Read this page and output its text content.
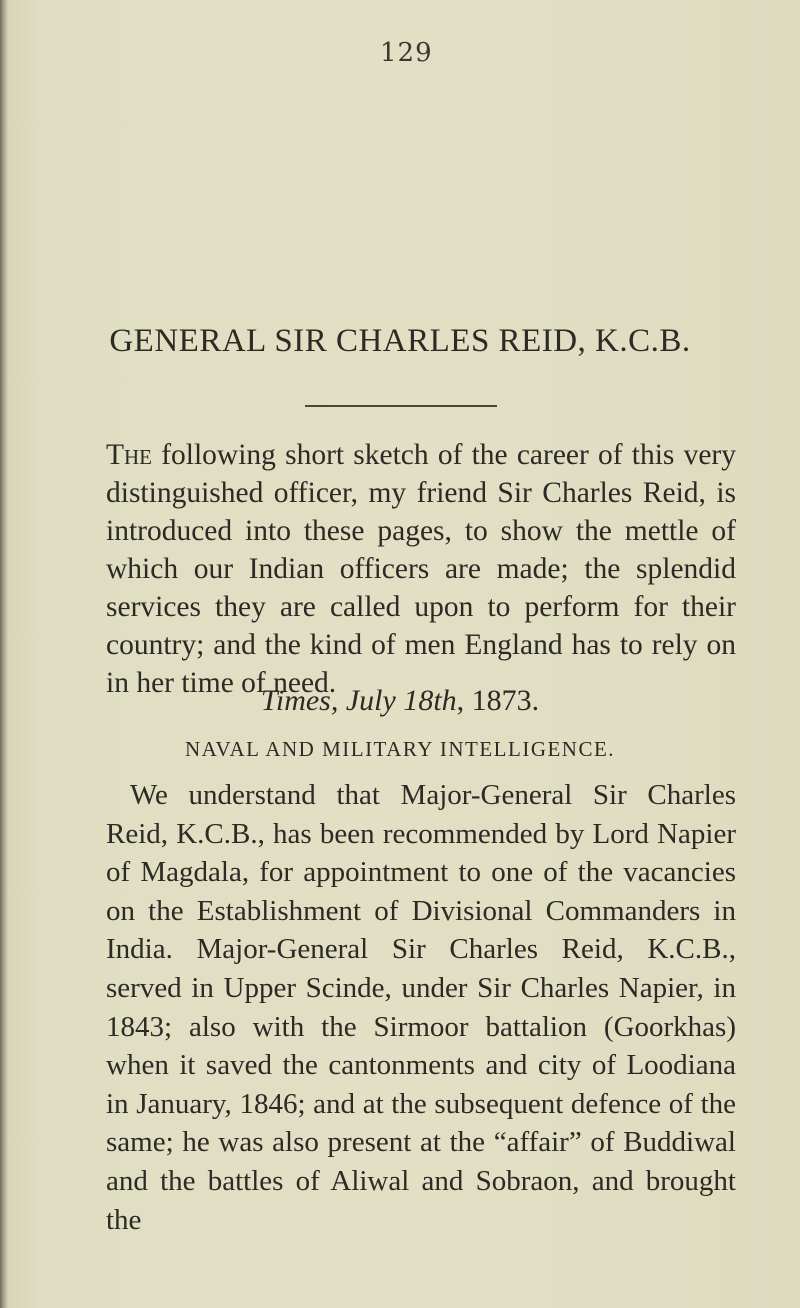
129
GENERAL SIR CHARLES REID, K.C.B.

The following short sketch of the career of this very distinguished officer, my friend Sir Charles Reid, is introduced into these pages, to show the mettle of which our Indian officers are made; the splendid services they are called upon to perform for their country; and the kind of men England has to rely on in her time of need.

Times, July 18th, 1873.
NAVAL AND MILITARY INTELLIGENCE.

We understand that Major-General Sir Charles Reid, K.C.B., has been recommended by Lord Napier of Magdala, for appointment to one of the vacancies on the Establishment of Divisional Commanders in India. Major-General Sir Charles Reid, K.C.B., served in Upper Scinde, under Sir Charles Napier, in 1843; also with the Sirmoor battalion (Goorkhas) when it saved the cantonments and city of Loodiana in January, 1846; and at the subsequent defence of the same; he was also present at the “affair” of Buddiwal and the battles of Aliwal and Sobraon, and brought the
